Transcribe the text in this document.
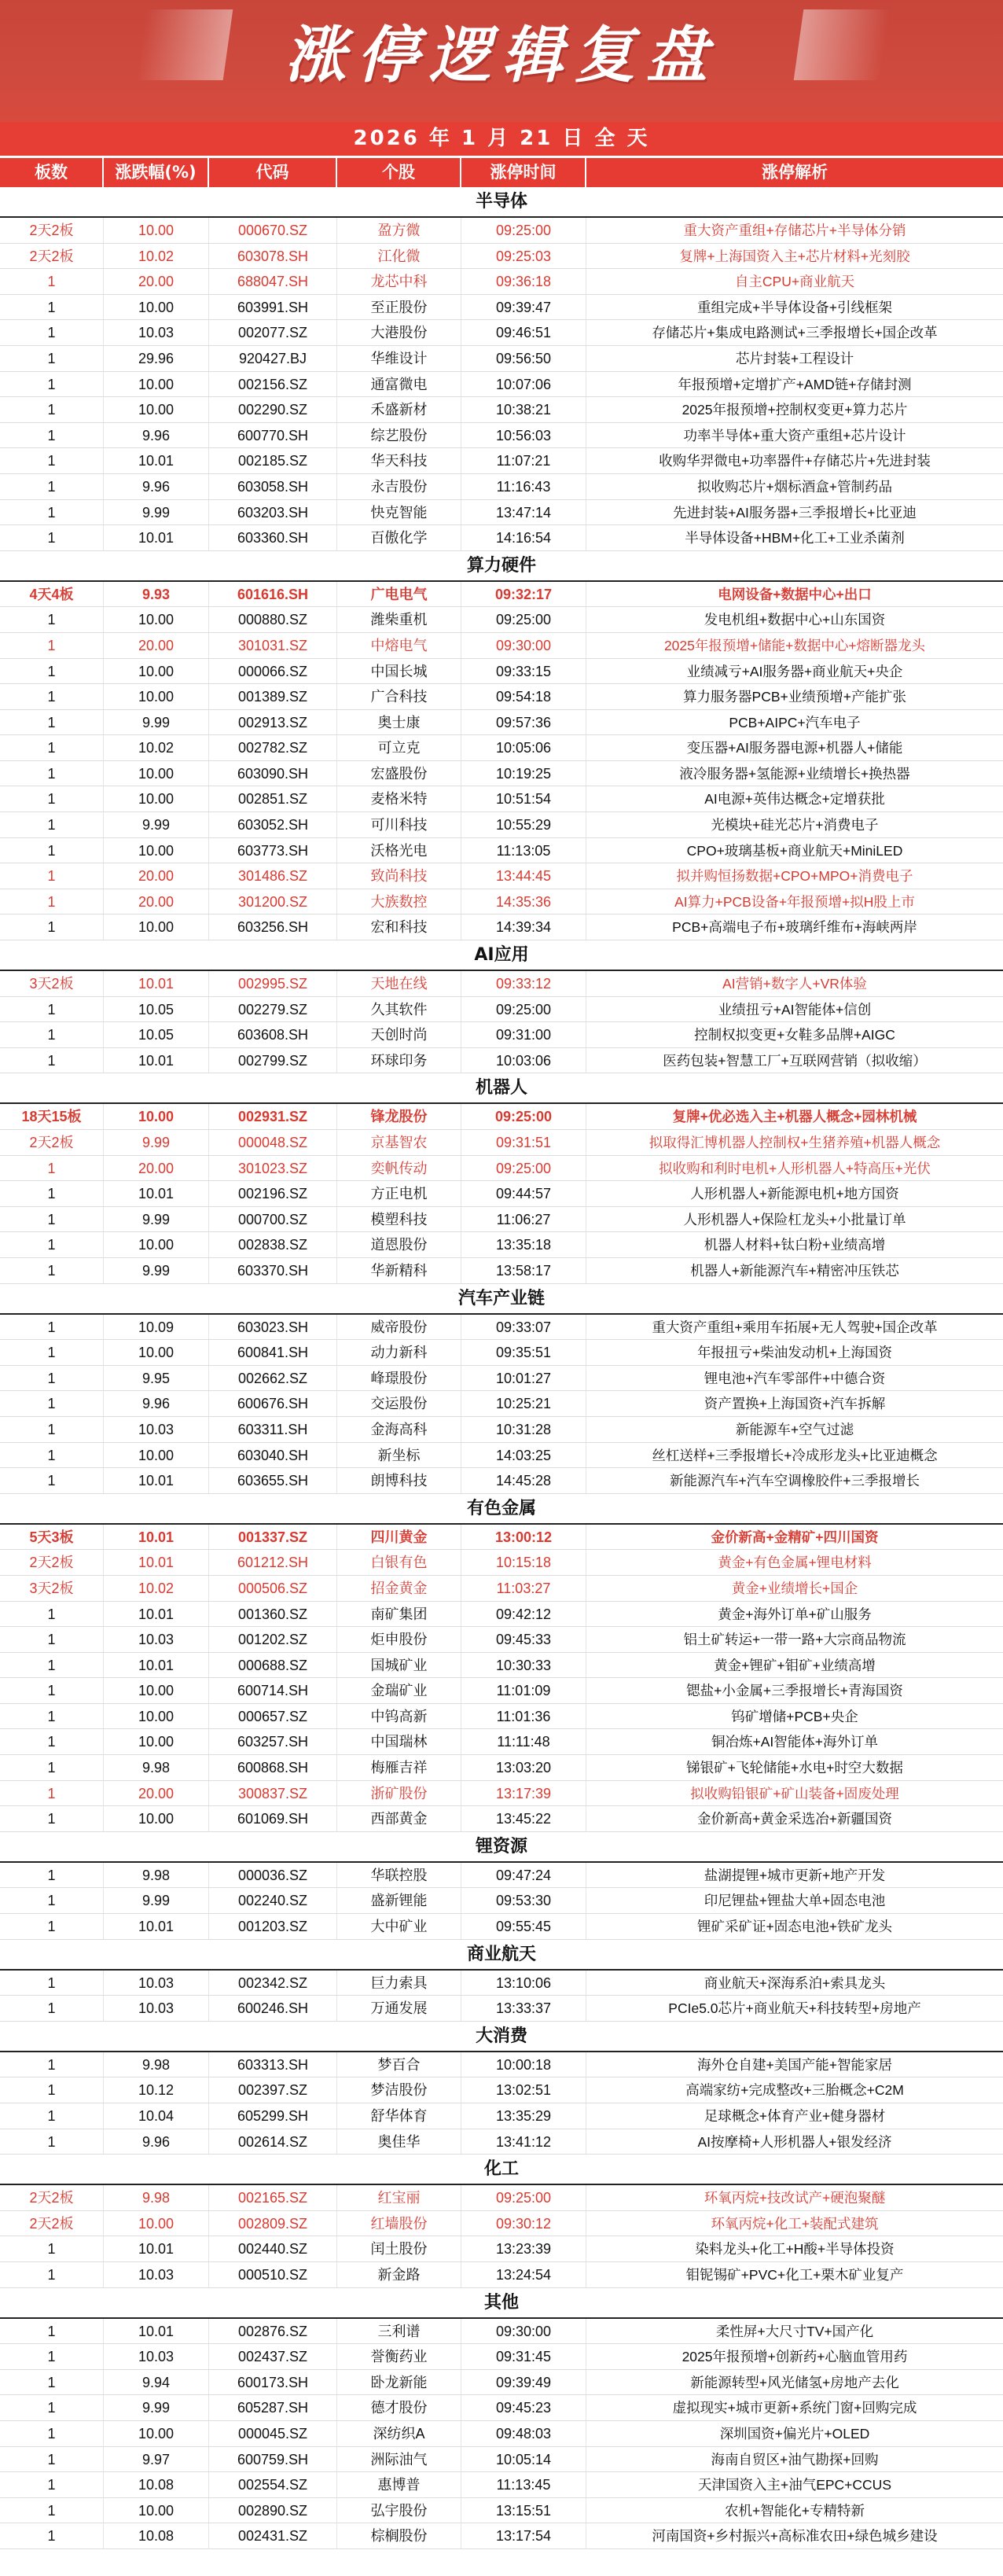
涨停逻辑复盘
2026 年 1 月 21 日 全 天
板数	涨跌幅(%)	代码	个股	涨停时间	涨停解析
半导体
2天2板	10.00	000670.SZ	盈方微	09:25:00	重大资产重组+存储芯片+半导体分销
2天2板	10.02	603078.SH	江化微	09:25:03	复牌+上海国资入主+芯片材料+光刻胶
1	20.00	688047.SH	龙芯中科	09:36:18	自主CPU+商业航天
1	10.00	603991.SH	至正股份	09:39:47	重组完成+半导体设备+引线框架
1	10.03	002077.SZ	大港股份	09:46:51	存储芯片+集成电路测试+三季报增长+国企改革
1	29.96	920427.BJ	华维设计	09:56:50	芯片封装+工程设计
1	10.00	002156.SZ	通富微电	10:07:06	年报预增+定增扩产+AMD链+存储封测
1	10.00	002290.SZ	禾盛新材	10:38:21	2025年报预增+控制权变更+算力芯片
1	9.96	600770.SH	综艺股份	10:56:03	功率半导体+重大资产重组+芯片设计
1	10.01	002185.SZ	华天科技	11:07:21	收购华羿微电+功率器件+存储芯片+先进封装
1	9.96	603058.SH	永吉股份	11:16:43	拟收购芯片+烟标酒盒+管制药品
1	9.99	603203.SH	快克智能	13:47:14	先进封装+AI服务器+三季报增长+比亚迪
1	10.01	603360.SH	百傲化学	14:16:54	半导体设备+HBM+化工+工业杀菌剂
算力硬件
4天4板	9.93	601616.SH	广电电气	09:32:17	电网设备+数据中心+出口
1	10.00	000880.SZ	潍柴重机	09:25:00	发电机组+数据中心+山东国资
1	20.00	301031.SZ	中熔电气	09:30:00	2025年报预增+储能+数据中心+熔断器龙头
1	10.00	000066.SZ	中国长城	09:33:15	业绩减亏+AI服务器+商业航天+央企
1	10.00	001389.SZ	广合科技	09:54:18	算力服务器PCB+业绩预增+产能扩张
1	9.99	002913.SZ	奥士康	09:57:36	PCB+AIPC+汽车电子
1	10.02	002782.SZ	可立克	10:05:06	变压器+AI服务器电源+机器人+储能
1	10.00	603090.SH	宏盛股份	10:19:25	液冷服务器+氢能源+业绩增长+换热器
1	10.00	002851.SZ	麦格米特	10:51:54	AI电源+英伟达概念+定增获批
1	9.99	603052.SH	可川科技	10:55:29	光模块+硅光芯片+消费电子
1	10.00	603773.SH	沃格光电	11:13:05	CPO+玻璃基板+商业航天+MiniLED
1	20.00	301486.SZ	致尚科技	13:44:45	拟并购恒扬数据+CPO+MPO+消费电子
1	20.00	301200.SZ	大族数控	14:35:36	AI算力+PCB设备+年报预增+拟H股上市
1	10.00	603256.SH	宏和科技	14:39:34	PCB+高端电子布+玻璃纤维布+海峡两岸
AI应用
3天2板	10.01	002995.SZ	天地在线	09:33:12	AI营销+数字人+VR体验
1	10.05	002279.SZ	久其软件	09:25:00	业绩扭亏+AI智能体+信创
1	10.05	603608.SH	天创时尚	09:31:00	控制权拟变更+女鞋多品牌+AIGC
1	10.01	002799.SZ	环球印务	10:03:06	医药包装+智慧工厂+互联网营销（拟收缩）
机器人
18天15板	10.00	002931.SZ	锋龙股份	09:25:00	复牌+优必选入主+机器人概念+园林机械
2天2板	9.99	000048.SZ	京基智农	09:31:51	拟取得汇博机器人控制权+生猪养殖+机器人概念
1	20.00	301023.SZ	奕帆传动	09:25:00	拟收购和利时电机+人形机器人+特高压+光伏
1	10.01	002196.SZ	方正电机	09:44:57	人形机器人+新能源电机+地方国资
1	9.99	000700.SZ	模塑科技	11:06:27	人形机器人+保险杠龙头+小批量订单
1	10.00	002838.SZ	道恩股份	13:35:18	机器人材料+钛白粉+业绩高增
1	9.99	603370.SH	华新精科	13:58:17	机器人+新能源汽车+精密冲压铁芯
汽车产业链
1	10.09	603023.SH	威帝股份	09:33:07	重大资产重组+乘用车拓展+无人驾驶+国企改革
1	10.00	600841.SH	动力新科	09:35:51	年报扭亏+柴油发动机+上海国资
1	9.95	002662.SZ	峰璟股份	10:01:27	锂电池+汽车零部件+中德合资
1	9.96	600676.SH	交运股份	10:25:21	资产置换+上海国资+汽车拆解
1	10.03	603311.SH	金海高科	10:31:28	新能源车+空气过滤
1	10.00	603040.SH	新坐标	14:03:25	丝杠送样+三季报增长+冷成形龙头+比亚迪概念
1	10.01	603655.SH	朗博科技	14:45:28	新能源汽车+汽车空调橡胶件+三季报增长
有色金属
5天3板	10.01	001337.SZ	四川黄金	13:00:12	金价新高+金精矿+四川国资
2天2板	10.01	601212.SH	白银有色	10:15:18	黄金+有色金属+锂电材料
3天2板	10.02	000506.SZ	招金黄金	11:03:27	黄金+业绩增长+国企
1	10.01	001360.SZ	南矿集团	09:42:12	黄金+海外订单+矿山服务
1	10.03	001202.SZ	炬申股份	09:45:33	铝土矿转运+一带一路+大宗商品物流
1	10.01	000688.SZ	国城矿业	10:30:33	黄金+锂矿+钼矿+业绩高增
1	10.00	600714.SH	金瑞矿业	11:01:09	锶盐+小金属+三季报增长+青海国资
1	10.00	000657.SZ	中钨高新	11:01:36	钨矿增储+PCB+央企
1	10.00	603257.SH	中国瑞林	11:11:48	铜冶炼+AI智能体+海外订单
1	9.98	600868.SH	梅雁吉祥	13:03:20	锑银矿+飞轮储能+水电+时空大数据
1	20.00	300837.SZ	浙矿股份	13:17:39	拟收购铅银矿+矿山装备+固废处理
1	10.00	601069.SH	西部黄金	13:45:22	金价新高+黄金采选冶+新疆国资
锂资源
1	9.98	000036.SZ	华联控股	09:47:24	盐湖提锂+城市更新+地产开发
1	9.99	002240.SZ	盛新锂能	09:53:30	印尼锂盐+锂盐大单+固态电池
1	10.01	001203.SZ	大中矿业	09:55:45	锂矿采矿证+固态电池+铁矿龙头
商业航天
1	10.03	002342.SZ	巨力索具	13:10:06	商业航天+深海系泊+索具龙头
1	10.03	600246.SH	万通发展	13:33:37	PCIe5.0芯片+商业航天+科技转型+房地产
大消费
1	9.98	603313.SH	梦百合	10:00:18	海外仓自建+美国产能+智能家居
1	10.12	002397.SZ	梦洁股份	13:02:51	高端家纺+完成整改+三胎概念+C2M
1	10.04	605299.SH	舒华体育	13:35:29	足球概念+体育产业+健身器材
1	9.96	002614.SZ	奥佳华	13:41:12	AI按摩椅+人形机器人+银发经济
化工
2天2板	9.98	002165.SZ	红宝丽	09:25:00	环氧丙烷+技改试产+硬泡聚醚
2天2板	10.00	002809.SZ	红墙股份	09:30:12	环氧丙烷+化工+装配式建筑
1	10.01	002440.SZ	闰土股份	13:23:39	染料龙头+化工+H酸+半导体投资
1	10.03	000510.SZ	新金路	13:24:54	钼铌锡矿+PVC+化工+栗木矿业复产
其他
1	10.01	002876.SZ	三利谱	09:30:00	柔性屏+大尺寸TV+国产化
1	10.03	002437.SZ	誉衡药业	09:31:45	2025年报预增+创新药+心脑血管用药
1	9.94	600173.SH	卧龙新能	09:39:49	新能源转型+风光储氢+房地产去化
1	9.99	605287.SH	德才股份	09:45:23	虚拟现实+城市更新+系统门窗+回购完成
1	10.00	000045.SZ	深纺织A	09:48:03	深圳国资+偏光片+OLED
1	9.97	600759.SH	洲际油气	10:05:14	海南自贸区+油气勘探+回购
1	10.08	002554.SZ	惠博普	11:13:45	天津国资入主+油气EPC+CCUS
1	10.00	002890.SZ	弘宇股份	13:15:51	农机+智能化+专精特新
1	10.08	002431.SZ	棕榈股份	13:17:54	河南国资+乡村振兴+高标准农田+绿色城乡建设
